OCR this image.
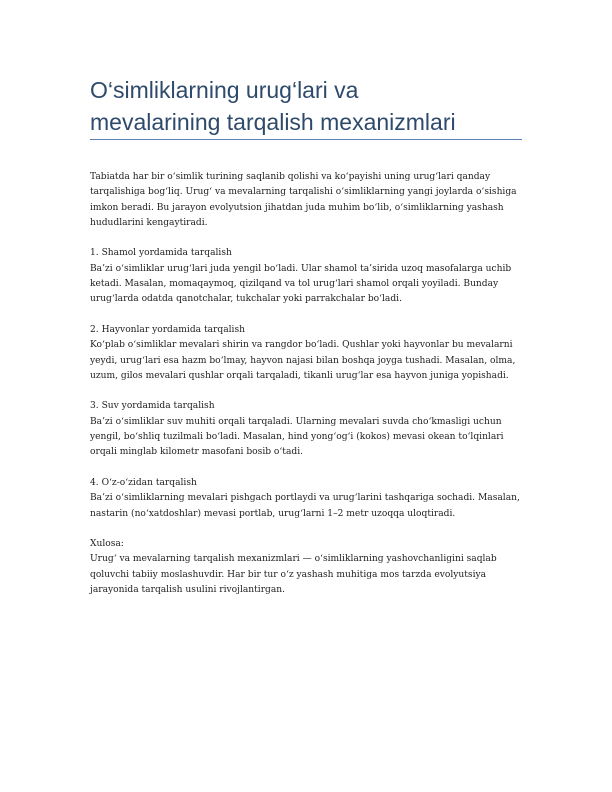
O‘simliklarning urug‘lari va
mevalarining tarqalish mexanizmlari

Tabiatda har bir o‘simlik turining saqlanib qolishi va ko‘payishi uning urug‘lari qanday tarqalishiga bog‘liq. Urug‘ va mevalarning tarqalishi o‘simliklarning yangi joylarda o‘sishiga imkon beradi. Bu jarayon evolyutsion jihatdan juda muhim bo‘lib, o‘simliklarning yashash hududlarini kengaytiradi.

1. Shamol yordamida tarqalish
Ba’zi o‘simliklar urug‘lari juda yengil bo‘ladi. Ular shamol ta’sirida uzoq masofalarga uchib ketadi. Masalan, momaqaymoq, qizilqand va tol urug‘lari shamol orqali yoyiladi. Bunday urug‘larda odatda qanotchalar, tukchalar yoki parrakchalar bo‘ladi.
2. Hayvonlar yordamida tarqalish
Ko‘plab o‘simliklar mevalari shirin va rangdor bo‘ladi. Qushlar yoki hayvonlar bu mevalarni yeydi, urug‘lari esa hazm bo‘lmay, hayvon najasi bilan boshqa joyga tushadi. Masalan, olma, uzum, gilos mevalari qushlar orqali tarqaladi, tikanli urug‘lar esa hayvon juniga yopishadi.
3. Suv yordamida tarqalish
Ba’zi o‘simliklar suv muhiti orqali tarqaladi. Ularning mevalari suvda cho‘kmasligi uchun yengil, bo‘shliq tuzilmali bo‘ladi. Masalan, hind yong‘og‘i (kokos) mevasi okean to‘lqinlari orqali minglab kilometr masofani bosib o‘tadi.
4. O‘z-o‘zidan tarqalish
Ba’zi o‘simliklarning mevalari pishgach portlaydi va urug‘larini tashqariga sochadi. Masalan, nastarin (no‘xatdoshlar) mevasi portlab, urug‘larni 1–2 metr uzoqqa uloqtiradi.
Xulosa:
Urug‘ va mevalarning tarqalish mexanizmlari — o‘simliklarning yashovchanligini saqlab qoluvchi tabiiy moslashuvdir. Har bir tur o‘z yashash muhitiga mos tarzda evolyutsiya jarayonida tarqalish usulini rivojlantirgan.
